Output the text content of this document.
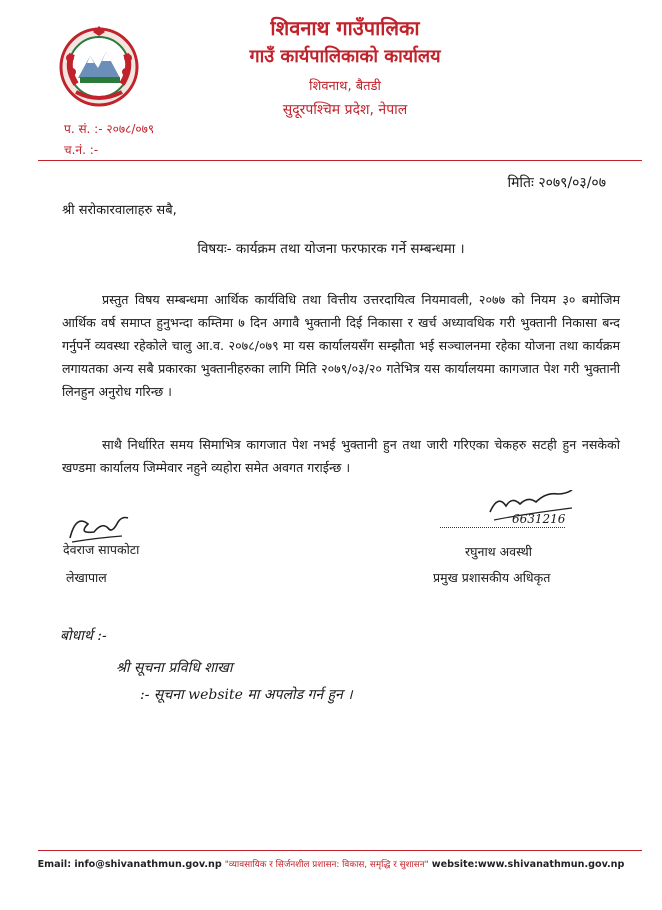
शिवनाथ गाउँपालिका
गाउँ कार्यपालिकाको कार्यालय
शिवनाथ, बैतडी
सुदूरपश्चिम प्रदेश, नेपाल
प. सं. :- २०७८/०७९
च.नं. :-
मितिः २०७९/०३/०७
श्री सरोकारवालाहरु सबै,
विषयः- कार्यक्रम तथा योजना फरफारक गर्ने सम्बन्धमा ।
प्रस्तुत विषय सम्बन्धमा आर्थिक कार्यविधि तथा वित्तीय उत्तरदायित्व नियमावली, २०७७ को नियम ३० बमोजिम आर्थिक वर्ष समाप्त हुनुभन्दा कम्तिमा ७ दिन अगावै भुक्तानी दिई निकासा र खर्च अध्यावधिक गरी भुक्तानी निकासा बन्द गर्नुपर्ने व्यवस्था रहेकोले चालु आ.व. २०७८/०७९ मा यस कार्यालयसँग सम्झौता भई सञ्चालनमा रहेका योजना तथा कार्यक्रम लगायतका अन्य सबै प्रकारका भुक्तानीहरुका लागि मिति २०७९/०३/२० गतेभित्र यस कार्यालयमा कागजात पेश गरी भुक्तानी लिनहुन अनुरोध गरिन्छ ।
साथै निर्धारित समय सिमाभित्र कागजात पेश नभई भुक्तानी हुन तथा जारी गरिएका चेकहरु सटही हुन नसकेको खण्डमा कार्यालय जिम्मेवार नहुने व्यहोरा समेत अवगत गराईन्छ ।
देवराज सापकोटा
लेखापाल
6631216
रघुनाथ अवस्थी
प्रमुख प्रशासकीय अधिकृत
बोधार्थ :-
श्री सूचना प्रविधि शाखा
:- सूचना website मा अपलोड गर्न हुन ।
Email: info@shivanathmun.gov.np "व्यावसायिक र सिर्जनशील प्रशासन: विकास, समृद्धि र सुशासन" website:www.shivanathmun.gov.np
